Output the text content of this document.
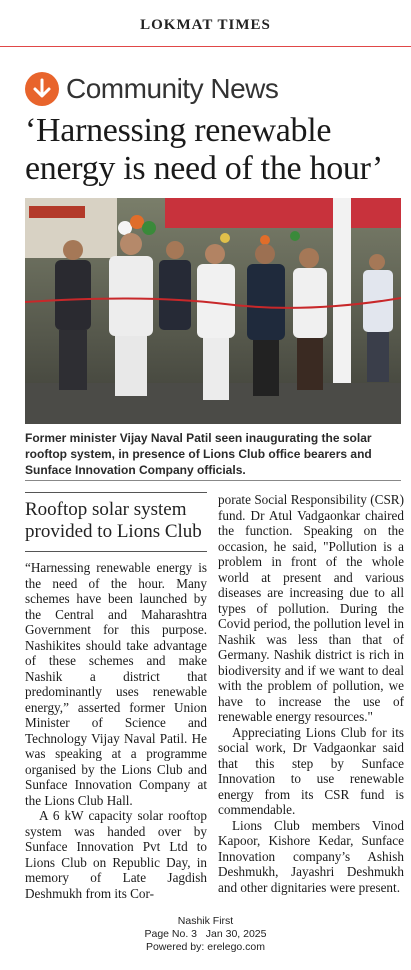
LOKMAT TIMES
Community News
‘Harnessing renewable energy is need of the hour’
Former minister Vijay Naval Patil seen inaugurating the solar rooftop system, in presence of Lions Club office bearers and Sunface Innovation Company officials.
Rooftop solar system provided to Lions Club

“Harnessing renewable energy is the need of the hour. Many schemes have been launched by the Central and Maharashtra Government for this purpose. Nashikites should take advantage of these schemes and make Nashik a district that predominantly uses renewable energy,” asserted former Union Minister of Science and Technology Vijay Naval Patil. He was speaking at a programme organised by the Lions Club and Sunface Innovation Company at the Lions Club Hall.

A 6 kW capacity solar rooftop system was handed over by Sunface Innovation Pvt Ltd to Lions Club on Republic Day, in memory of Late Jagdish Deshmukh from its Cor-

porate Social Responsibility (CSR) fund. Dr Atul Vadgaonkar chaired the function. Speaking on the occasion, he said, "Pollution is a problem in front of the whole world at present and various diseases are increasing due to all types of pollution. During the Covid period, the pollution level in Nashik was less than that of Germany. Nashik district is rich in biodiversity and if we want to deal with the problem of pollution, we have to increase the use of renewable energy resources."

Appreciating Lions Club for its social work, Dr Vadgaonkar said that this step by Sunface Innovation to use renewable energy from its CSR fund is commendable.

Lions Club members Vinod Kapoor, Kishore Kedar, Sunface Innovation company’s Ashish Deshmukh, Jayashri Deshmukh and other dignitaries were present.

Nashik First
Page No. 3   Jan 30, 2025
Powered by: erelego.com
